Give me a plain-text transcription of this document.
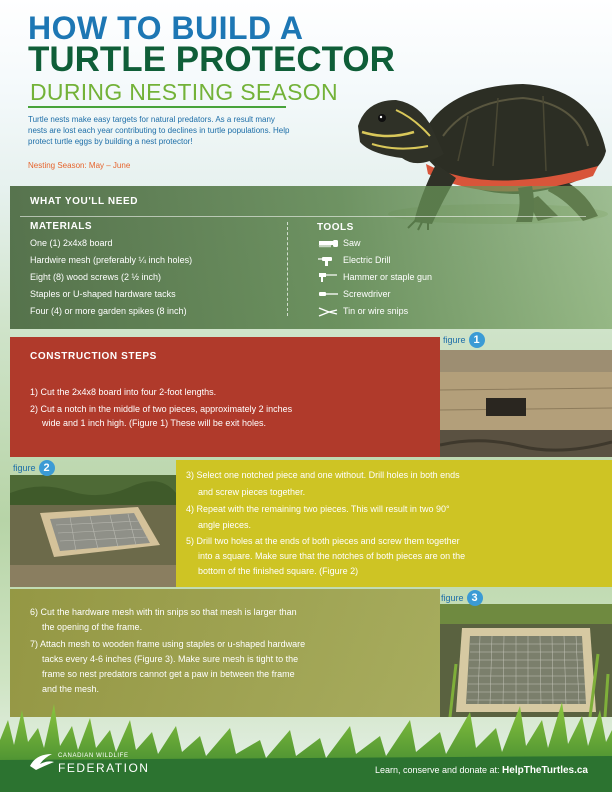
HOW TO BUILD A
TURTLE PROTECTOR
DURING NESTING SEASON

Turtle nests make easy targets for natural predators. As a result many nests are lost each year contributing to declines in turtle populations. Help protect turtle eggs by building a nest protector!

Nesting Season: May – June
WHAT YOU'LL NEED
MATERIALS
One (1) 2x4x8 board
Hardwire mesh (preferably ¼ inch holes)
Eight (8) wood screws (2 ½ inch)
Staples or U-shaped hardware tacks
Four (4) or more garden spikes (8 inch)
TOOLS
Saw
Electric Drill
Hammer or staple gun
Screwdriver
Tin or wire snips
CONSTRUCTION STEPS

1) Cut the 2x4x8 board into four 2-foot lengths.

2) Cut a notch in the middle of two pieces, approximately 2 inches

wide and 1 inch high. (Figure 1) These will be exit holes.

figure 1
figure 2

3) Select one notched piece and one without. Drill holes in both ends

and screw pieces together.

4) Repeat with the remaining two pieces. This will result in two 90°

angle pieces.

5) Drill two holes at the ends of both pieces and screw them together

into a square. Make sure that the notches of both pieces are on the

bottom of the finished square. (Figure 2)

6) Cut the hardware mesh with tin snips so that mesh is larger than

the opening of the frame.

7) Attach mesh to wooden frame using staples or u-shaped hardware

tacks every 4-6 inches (Figure 3). Make sure mesh is tight to the

frame so nest predators cannot get a paw in between the frame

and the mesh.

figure 3
CANADIAN WILDLIFE
FEDERATION	Learn, conserve and donate at: HelpTheTurtles.ca
